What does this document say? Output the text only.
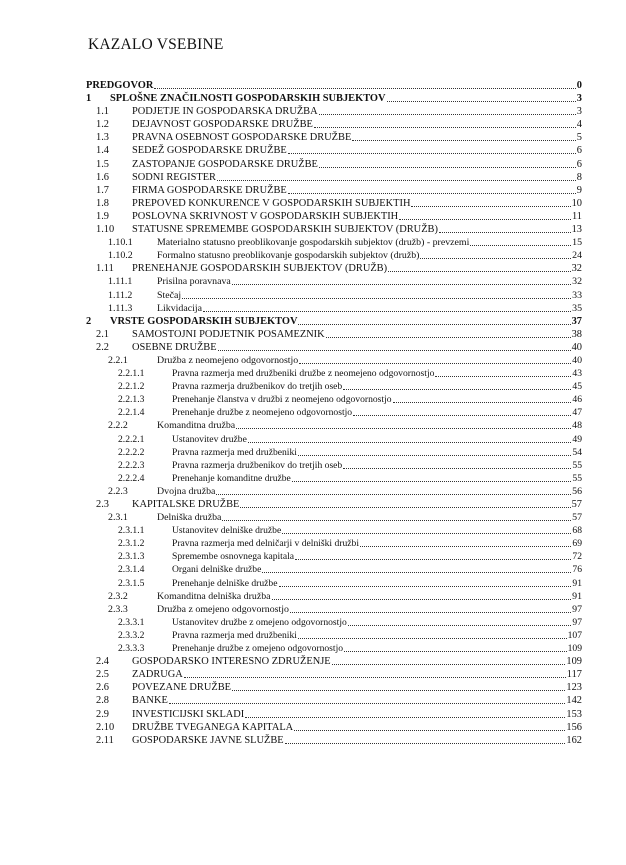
KAZALO VSEBINE
PREDGOVOR	0
1 SPLOŠNE ZNAČILNOSTI GOSPODARSKIH SUBJEKTOV	3
1.1 PODJETJE IN GOSPODARSKA DRUŽBA	3
1.2 DEJAVNOST GOSPODARSKE DRUŽBE	4
1.3 PRAVNA OSEBNOST GOSPODARSKE DRUŽBE	5
1.4 SEDEŽ GOSPODARSKE DRUŽBE	6
1.5 ZASTOPANJE GOSPODARSKE DRUŽBE	6
1.6 SODNI REGISTER	8
1.7 FIRMA GOSPODARSKE DRUŽBE	9
1.8 PREPOVED KONKURENCE V GOSPODARSKIH SUBJEKTIH	10
1.9 POSLOVNA SKRIVNOST V GOSPODARSKIH SUBJEKTIH	11
1.10 STATUSNE SPREMEMBE GOSPODARSKIH SUBJEKTOV (DRUŽB)	13
1.10.1 Materialno statusno preoblikovanje gospodarskih subjektov (družb) - prevzemi	15
1.10.2 Formalno statusno preoblikovanje gospodarskih subjektov (družb)	24
1.11 PRENEHANJE GOSPODARSKIH SUBJEKTOV (DRUŽB)	32
1.11.1 Prisilna poravnava	32
1.11.2 Stečaj	33
1.11.3 Likvidacija	35
2 VRSTE GOSPODARSKIH SUBJEKTOV	37
2.1 SAMOSTOJNI PODJETNIK POSAMEZNIK	38
2.2 OSEBNE DRUŽBE	40
2.2.1	Družba z neomejeno odgovornostjo	40
2.2.1.1	Pravna razmerja med družbeniki družbe z neomejeno odgovornostjo	43
2.2.1.2	Pravna razmerja družbenikov do tretjih oseb	45
2.2.1.3	Prenehanje članstva v družbi z neomejeno odgovornostjo	46
2.2.1.4	Prenehanje družbe z neomejeno odgovornostjo	47
2.2.2	Komanditna družba	48
2.2.2.1	Ustanovitev družbe	49
2.2.2.2	Pravna razmerja med družbeniki	54
2.2.2.3	Pravna razmerja družbenikov do tretjih oseb	55
2.2.2.4	Prenehanje komanditne družbe	55
2.2.3	Dvojna družba	56
2.3 KAPITALSKE DRUŽBE	57
2.3.1	Delniška družba	57
2.3.1.1	Ustanovitev delniške družbe	68
2.3.1.2	Pravna razmerja med delničarji v delniški družbi	69
2.3.1.3	Spremembe osnovnega kapitala	72
2.3.1.4	Organi delniške družbe	76
2.3.1.5	Prenehanje delniške družbe	91
2.3.2	Komanditna delniška družba	91
2.3.3	Družba z omejeno odgovornostjo	97
2.3.3.1	Ustanovitev družbe z omejeno odgovornostjo	97
2.3.3.2	Pravna razmerja med družbeniki	107
2.3.3.3	Prenehanje družbe z omejeno odgovornostjo	109
2.4 GOSPODARSKO INTERESNO ZDRUŽENJE	109
2.5 ZADRUGA	117
2.6 POVEZANE DRUŽBE	123
2.8 BANKE	142
2.9 INVESTICIJSKI SKLADI	153
2.10 DRUŽBE TVEGANEGA KAPITALA	156
2.11 GOSPODARSKE JAVNE SLUŽBE	162
